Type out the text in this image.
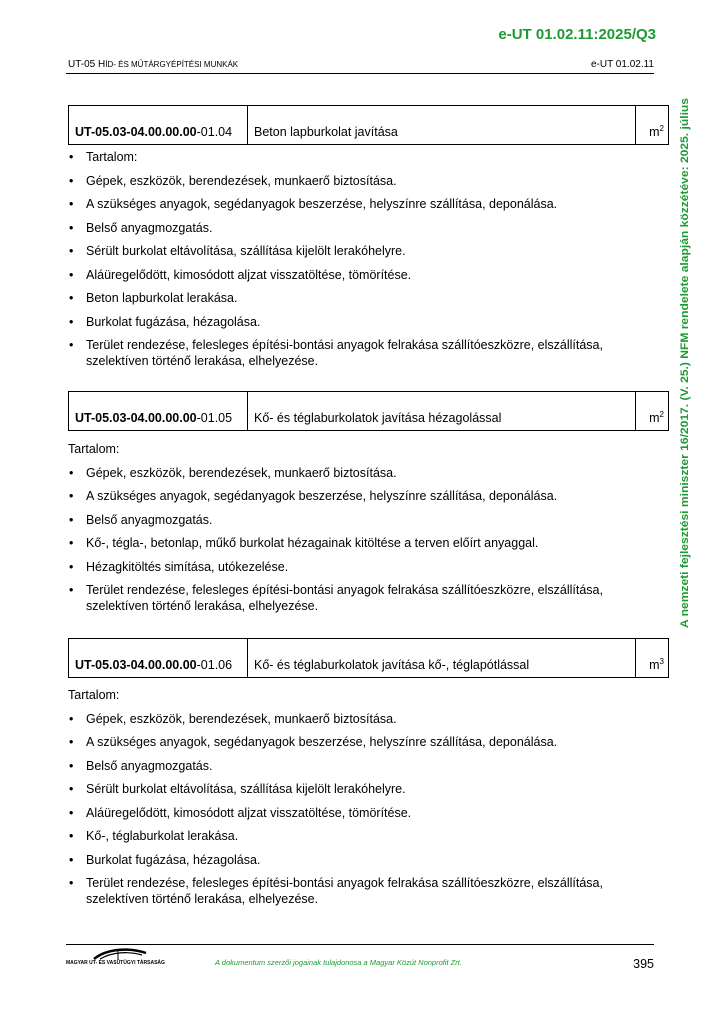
e-UT 01.02.11:2025/Q3
UT-05 HÍD- ÉS MŰTÁRGYÉPÍTÉSI MUNKÁK	e-UT 01.02.11
A nemzeti fejlesztési miniszter 16/2017. (V. 25.) NFM rendelete alapján közzétéve: 2025. július
UT-05.03-04.00.00.00-01.04	Beton lapburkolat javítása	$m^2$
• Tartalom:
• Gépek, eszközök, berendezések, munkaerő biztosítása.
• A szükséges anyagok, segédanyagok beszerzése, helyszínre szállítása, deponálása.
• Belső anyagmozgatás.
• Sérült burkolat eltávolítása, szállítása kijelölt lerakóhelyre.
• Aláüregelődött, kimosódott aljzat visszatöltése, tömörítése.
• Beton lapburkolat lerakása.
• Burkolat fugázása, hézagolása.
• Terület rendezése, felesleges építési-bontási anyagok felrakása szállítóeszközre, elszállítása, szelektíven történő lerakása, elhelyezése.
UT-05.03-04.00.00.00-01.05	Kő- és téglaburkolatok javítása hézagolással	$m^2$

Tartalom:

• Gépek, eszközök, berendezések, munkaerő biztosítása.
• A szükséges anyagok, segédanyagok beszerzése, helyszínre szállítása, deponálása.
• Belső anyagmozgatás.
• Kő-, tégla-, betonlap, műkő burkolat hézagainak kitöltése a terven előírt anyaggal.
• Hézagkitöltés simítása, utókezelése.
• Terület rendezése, felesleges építési-bontási anyagok felrakása szállítóeszközre, elszállítása, szelektíven történő lerakása, elhelyezése.
UT-05.03-04.00.00.00-01.06	Kő- és téglaburkolatok javítása kő-, téglapótlással	$m^3$

Tartalom:

• Gépek, eszközök, berendezések, munkaerő biztosítása.
• A szükséges anyagok, segédanyagok beszerzése, helyszínre szállítása, deponálása.
• Belső anyagmozgatás.
• Sérült burkolat eltávolítása, szállítása kijelölt lerakóhelyre.
• Aláüregelődött, kimosódott aljzat visszatöltése, tömörítése.
• Kő-, téglaburkolat lerakása.
• Burkolat fugázása, hézagolása.
• Terület rendezése, felesleges építési-bontási anyagok felrakása szállítóeszközre, elszállítása, szelektíven történő lerakása, elhelyezése.
MAGYAR UT- ÉS VASÚTÜGYI TÁRSASÁG	A dokumentum szerzői jogainak tulajdonosa a Magyar Közút Nonprofit Zrt.	395
